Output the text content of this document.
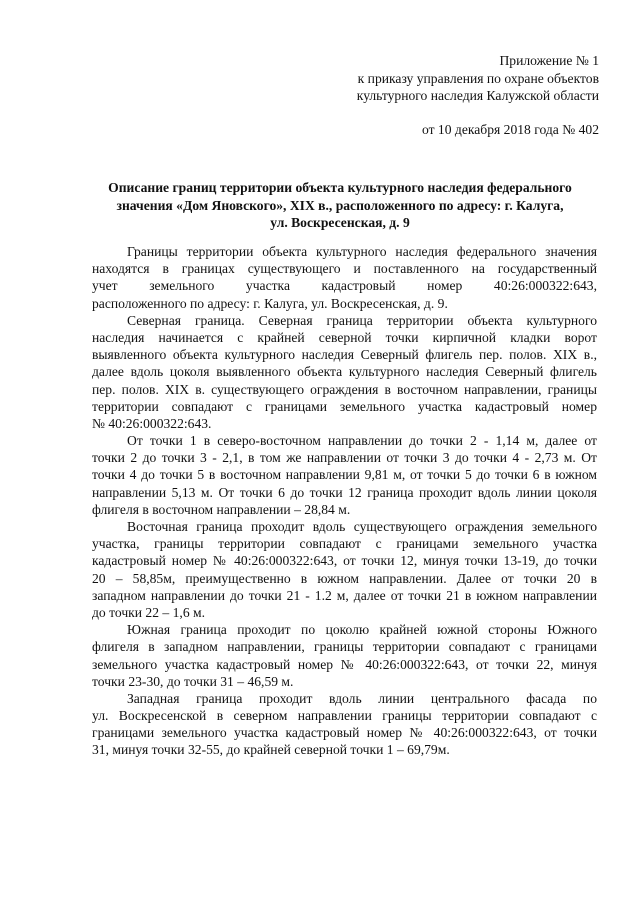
Приложение № 1
к приказу управления по охране объектов
культурного наследия Калужской области
от 10 декабря 2018 года № 402
Описание границ территории объекта культурного наследия федерального
значения «Дом Яновского», XIX в., расположенного по адресу: г. Калуга,
ул. Воскресенская, д. 9
Границы территории объекта культурного наследия федерального значения
находятся в границах существующего и поставленного на государственный
учет земельного участка кадастровый номер 40:26:000322:643,
расположенного по адресу: г. Калуга, ул. Воскресенская, д. 9.
Северная граница. Северная граница территории объекта культурного
наследия начинается с крайней северной точки кирпичной кладки ворот
выявленного объекта культурного наследия Северный флигель пер. полов. XIX в.,
далее вдоль цоколя выявленного объекта культурного наследия Северный флигель
пер. полов. XIX в. существующего ограждения в восточном направлении, границы
территории совпадают с границами земельного участка кадастровый номер
№ 40:26:000322:643.
От точки 1 в северо-восточном направлении до точки 2 - 1,14 м, далее от
точки 2 до точки 3 - 2,1, в том же направлении от точки 3 до точки 4 - 2,73 м. От
точки 4 до точки 5 в восточном направлении 9,81 м, от точки 5 до точки 6 в южном
направлении 5,13 м. От точки 6 до точки 12 граница проходит вдоль линии цоколя
флигеля в восточном направлении – 28,84 м.
Восточная граница проходит вдоль существующего ограждения земельного
участка, границы территории совпадают с границами земельного участка
кадастровый номер № 40:26:000322:643, от точки 12, минуя точки 13-19, до точки
20 – 58,85м, преимущественно в южном направлении. Далее от точки 20 в
западном направлении до точки 21 - 1.2 м, далее от точки 21 в южном направлении
до точки 22 – 1,6 м.
Южная граница проходит по цоколю крайней южной стороны Южного
флигеля в западном направлении, границы территории совпадают с границами
земельного участка кадастровый номер № 40:26:000322:643, от точки 22, минуя
точки 23-30, до точки 31 – 46,59 м.
Западная граница проходит вдоль линии центрального фасада по
ул. Воскресенской в северном направлении границы территории совпадают с
границами земельного участка кадастровый номер № 40:26:000322:643, от точки
31, минуя точки 32-55, до крайней северной точки 1 – 69,79м.
